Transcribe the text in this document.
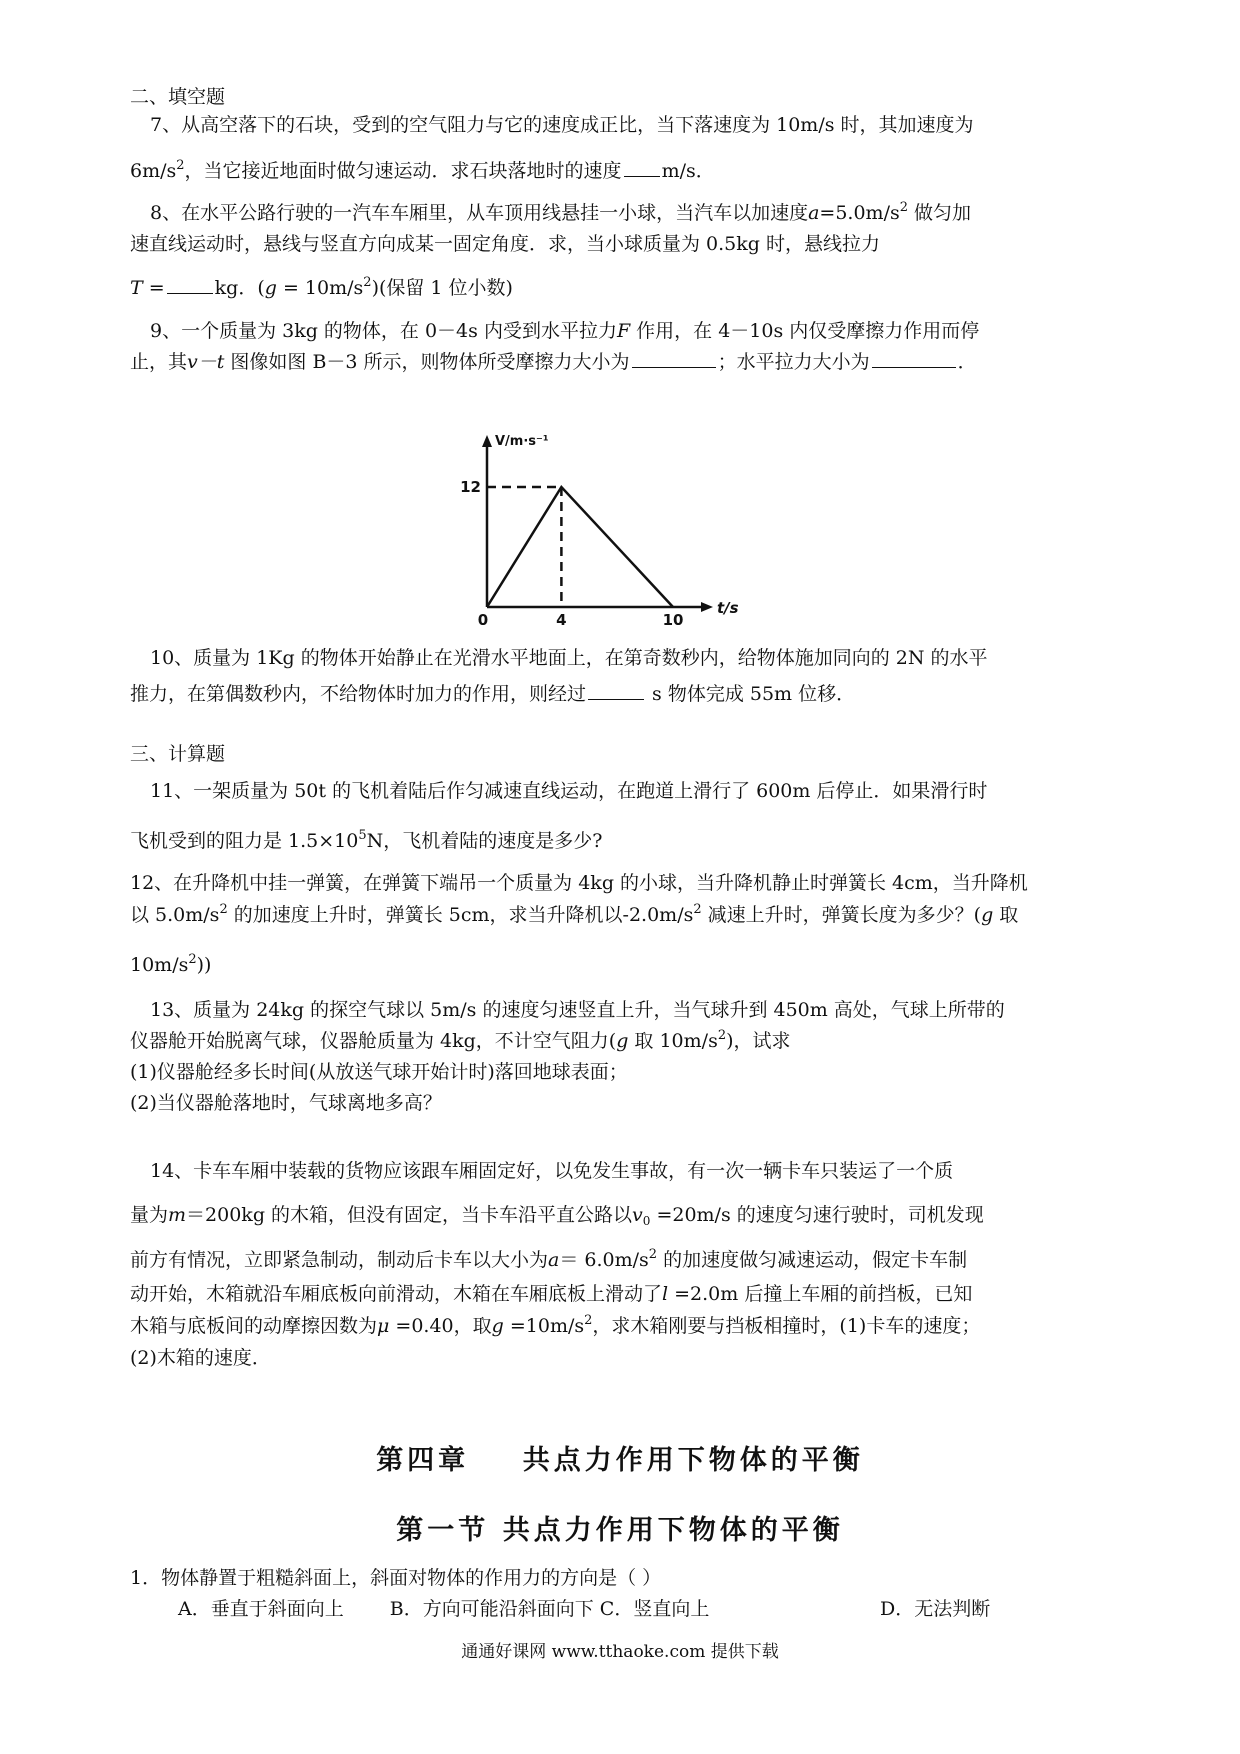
二、填空题
7、从高空落下的石块，受到的空气阻力与它的速度成正比，当下落速度为 10m/s 时，其加速度为
$6m/s^2$，当它接近地面时做匀速运动．求石块落地时的速度 m/s．
8、在水平公路行驶的一汽车车厢里，从车顶用线悬挂一小球，当汽车以加速度$a=5.0m/s^2$ 做匀加
速直线运动时，悬线与竖直方向成某一固定角度．求，当小球质量为 0.5kg 时，悬线拉力
T =	kg．$(g = 10m/s^2)$(保留 1 位小数)
9、一个质量为 3kg 的物体，在 0－4s 内受到水平拉力F 作用，在 4－10s 内仅受摩擦力作用而停
止，其v－t 图像如图 B－3 所示，则物体所受摩擦力大小为	；水平拉力大小为	．
V/m·s⁻¹
t/s
12
0	4	10
10、质量为 1Kg 的物体开始静止在光滑水平地面上，在第奇数秒内，给物体施加同向的 2N 的水平
推力，在第偶数秒内，不给物体时加力的作用，则经过	s 物体完成 55m 位移．
三、计算题
11、一架质量为 50t 的飞机着陆后作匀减速直线运动，在跑道上滑行了 600m 后停止．如果滑行时
飞机受到的阻力是 $1.5\times 10^5N$，飞机着陆的速度是多少?
12、在升降机中挂一弹簧，在弹簧下端吊一个质量为 4kg 的小球，当升降机静止时弹簧长 4cm，当升降机
以 $5.0m/s^2$ 的加速度上升时，弹簧长 5cm，求当升降机以$-2.0m/s^2$ 减速上升时，弹簧长度为多少？(g 取
$10m/s^2$))
13、质量为 24kg 的探空气球以 5m/s 的速度匀速竖直上升，当气球升到 450m 高处，气球上所带的
仪器舱开始脱离气球，仪器舱质量为 4kg，不计空气阻力(g 取 $10m/s^2$)，试求
(1)仪器舱经多长时间(从放送气球开始计时)落回地球表面；
(2)当仪器舱落地时，气球离地多高？
14、卡车车厢中装载的货物应该跟车厢固定好，以免发生事故，有一次一辆卡车只装运了一个质
量为m＝200kg 的木箱，但没有固定，当卡车沿平直公路以$v_0 =20m/s$ 的速度匀速行驶时，司机发现
前方有情况，立即紧急制动，制动后卡车以大小为$a= 6.0m/s^2$ 的加速度做匀减速运动，假定卡车制
动开始，木箱就沿车厢底板向前滑动，木箱在车厢底板上滑动了l =2.0m 后撞上车厢的前挡板，已知
木箱与底板间的动摩擦因数为μ =0.40，取$g =10m/s^2$，求木箱刚要与挡板相撞时，(1)卡车的速度；
(2)木箱的速度．
第四章    共点力作用下物体的平衡
第一节 共点力作用下物体的平衡
1．物体静置于粗糙斜面上，斜面对物体的作用力的方向是（ ）
A．垂直于斜面向上 B．方向可能沿斜面向下 C．竖直向上	D．无法判断
通通好课网 www.tthaoke.com 提供下载
